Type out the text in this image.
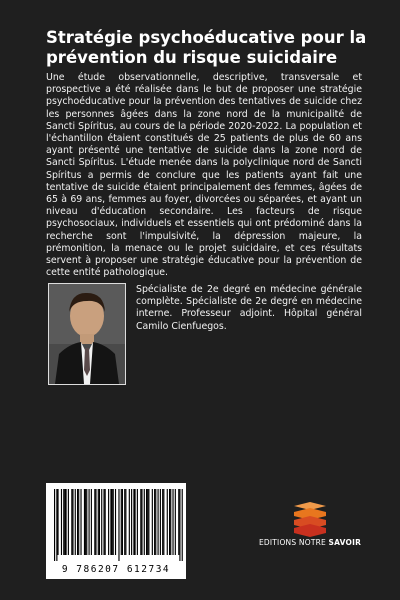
Stratégie psychoéducative pour la prévention du risque suicidaire
Une étude observationnelle, descriptive, transversale et prospective a été réalisée dans le but de proposer une stratégie psychoéducative pour la prévention des tentatives de suicide chez les personnes âgées dans la zone nord de la municipalité de Sancti Spíritus, au cours de la période 2020-2022. La population et l'échantillon étaient constitués de 25 patients de plus de 60 ans ayant présenté une tentative de suicide dans la zone nord de Sancti Spíritus. L'étude menée dans la polyclinique nord de Sancti Spíritus a permis de conclure que les patients ayant fait une tentative de suicide étaient principalement des femmes, âgées de 65 à 69 ans, femmes au foyer, divorcées ou séparées, et ayant un niveau d'éducation secondaire. Les facteurs de risque psychosociaux, individuels et essentiels qui ont prédominé dans la recherche sont l'impulsivité, la dépression majeure, la prémonition, la menace ou le projet suicidaire, et ces résultats servent à proposer une stratégie éducative pour la prévention de cette entité pathologique.
Spécialiste de 2e degré en médecine générale complète. Spécialiste de 2e degré en médecine interne. Professeur adjoint. Hôpital général Camilo Cienfuegos.
9 786207 612734
EDITIONS NOTRE SAVOIR
